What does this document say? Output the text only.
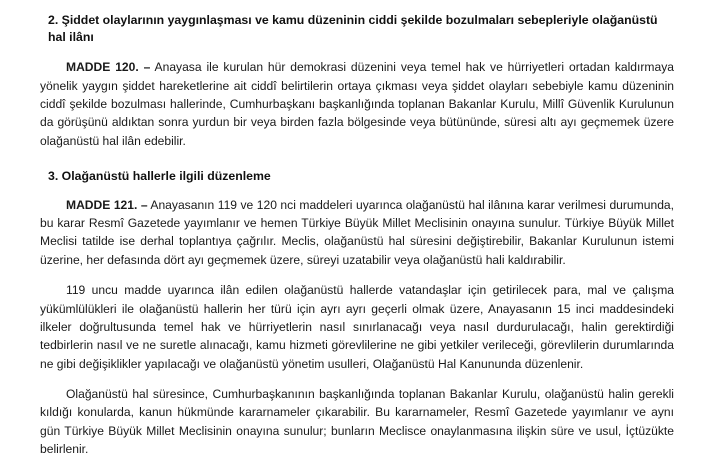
2. Şiddet olaylarının yaygınlaşması ve kamu düzeninin ciddi şekilde bozulmaları sebepleriyle olağanüstü hal ilânı

MADDE 120. – Anayasa ile kurulan hür demokrasi düzenini veya temel hak ve hürriyetleri ortadan kaldırmaya yönelik yaygın şiddet hareketlerine ait ciddî belirtilerin ortaya çıkması veya şiddet olayları sebebiyle kamu düzeninin ciddî şekilde bozulması hallerinde, Cumhurbaşkanı başkanlığında toplanan Bakanlar Kurulu, Millî Güvenlik Kurulunun da görüşünü aldıktan sonra yurdun bir veya birden fazla bölgesinde veya bütününde, süresi altı ayı geçmemek üzere olağanüstü hal ilân edebilir.

3. Olağanüstü hallerle ilgili düzenleme

MADDE 121. – Anayasanın 119 ve 120 nci maddeleri uyarınca olağanüstü hal ilânına karar verilmesi durumunda, bu karar Resmî Gazetede yayımlanır ve hemen Türkiye Büyük Millet Meclisinin onayına sunulur. Türkiye Büyük Millet Meclisi tatilde ise derhal toplantıya çağrılır. Meclis, olağanüstü hal süresini değiştirebilir, Bakanlar Kurulunun istemi üzerine, her defasında dört ayı geçmemek üzere, süreyi uzatabilir veya olağanüstü hali kaldırabilir.

119 uncu madde uyarınca ilân edilen olağanüstü hallerde vatandaşlar için getirilecek para, mal ve çalışma yükümlülükleri ile olağanüstü hallerin her türü için ayrı ayrı geçerli olmak üzere, Anayasanın 15 inci maddesindeki ilkeler doğrultusunda temel hak ve hürriyetlerin nasıl sınırlanacağı veya nasıl durdurulacağı, halin gerektirdiği tedbirlerin nasıl ve ne suretle alınacağı, kamu hizmeti görevlilerine ne gibi yetkiler verileceği, görevlilerin durumlarında ne gibi değişiklikler yapılacağı ve olağanüstü yönetim usulleri, Olağanüstü Hal Kanununda düzenlenir.

Olağanüstü hal süresince, Cumhurbaşkanının başkanlığında toplanan Bakanlar Kurulu, olağanüstü halin gerekli kıldığı konularda, kanun hükmünde kararnameler çıkarabilir. Bu kararnameler, Resmî Gazetede yayımlanır ve aynı gün Türkiye Büyük Millet Meclisinin onayına sunulur; bunların Meclisce onaylanmasına ilişkin süre ve usul, İçtüzükte belirlenir.
